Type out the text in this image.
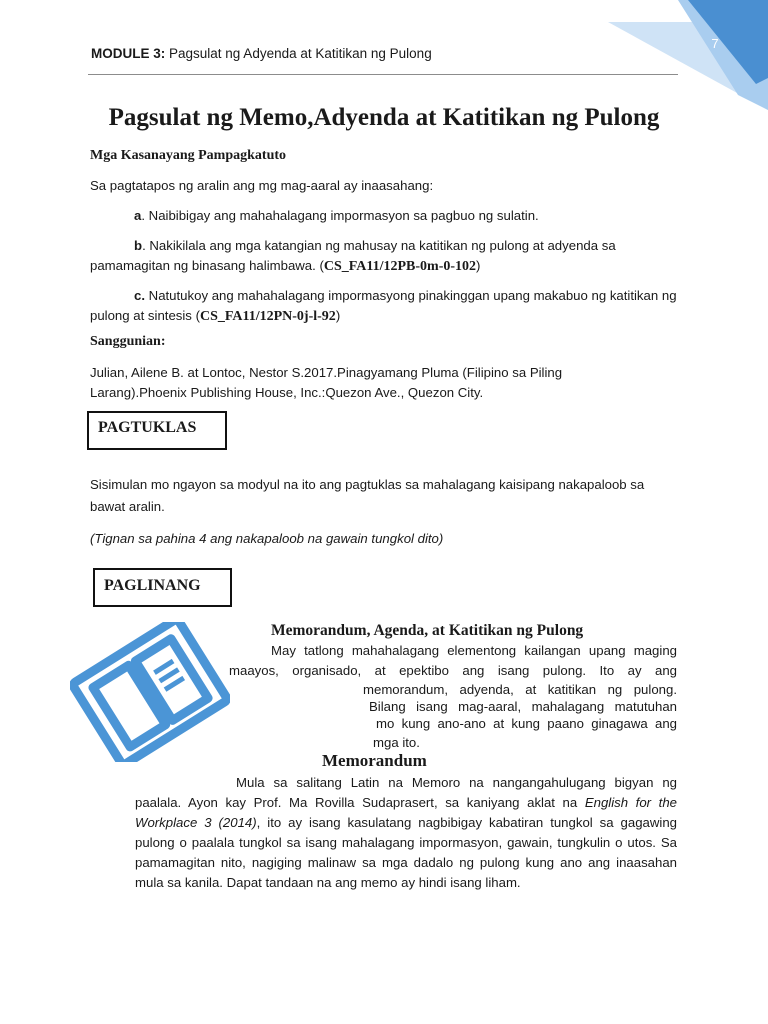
7
MODULE 3: Pagsulat ng Adyenda at Katitikan ng Pulong
Pagsulat ng Memo,Adyenda at Katitikan ng Pulong
Mga Kasanayang Pampagkatuto
Sa pagtatapos ng aralin ang mg mag-aaral ay inaasahang:
a. Naibibigay ang mahahalagang impormasyon sa pagbuo ng sulatin.
b. Nakikilala ang mga katangian ng mahusay na katitikan ng pulong at adyenda sa pamamagitan ng binasang halimbawa. (CS_FA11/12PB-0m-0-102)
c. Natutukoy ang mahahalagang impormasyong pinakinggan upang makabuo ng katitikan ng pulong at sintesis (CS_FA11/12PN-0j-l-92)
Sanggunian:
Julian, Ailene B. at Lontoc, Nestor S.2017.Pinagyamang Pluma (Filipino sa Piling
Larang).Phoenix Publishing House, Inc.:Quezon Ave., Quezon City.
PAGTUKLAS
Sisimulan mo ngayon sa modyul na ito ang pagtuklas sa mahalagang kaisipang nakapaloob sa bawat aralin.
(Tignan sa pahina 4 ang nakapaloob na gawain tungkol dito)
PAGLINANG
Memorandum, Agenda, at Katitikan ng Pulong
May tatlong mahahalagang elementong kailangan upang maging
maayos, organisado, at epektibo ang isang pulong. Ito ay ang
memorandum, adyenda, at katitikan ng pulong.
Bilang isang mag-aaral, mahalagang matutuhan
mo kung ano-ano at kung paano ginagawa ang
mga ito.
Memorandum
Mula sa salitang Latin na Memoro na nangangahulugang bigyan ng paalala. Ayon kay Prof. Ma Rovilla Sudaprasert, sa kaniyang aklat na English for the Workplace 3 (2014), ito ay isang kasulatang nagbibigay kabatiran tungkol sa gagawing pulong o paalala tungkol sa isang mahalagang impormasyon, gawain, tungkulin o utos. Sa pamamagitan nito, nagiging malinaw sa mga dadalo ng pulong kung ano ang inaasahan mula sa kanila. Dapat tandaan na ang memo ay hindi isang liham.
